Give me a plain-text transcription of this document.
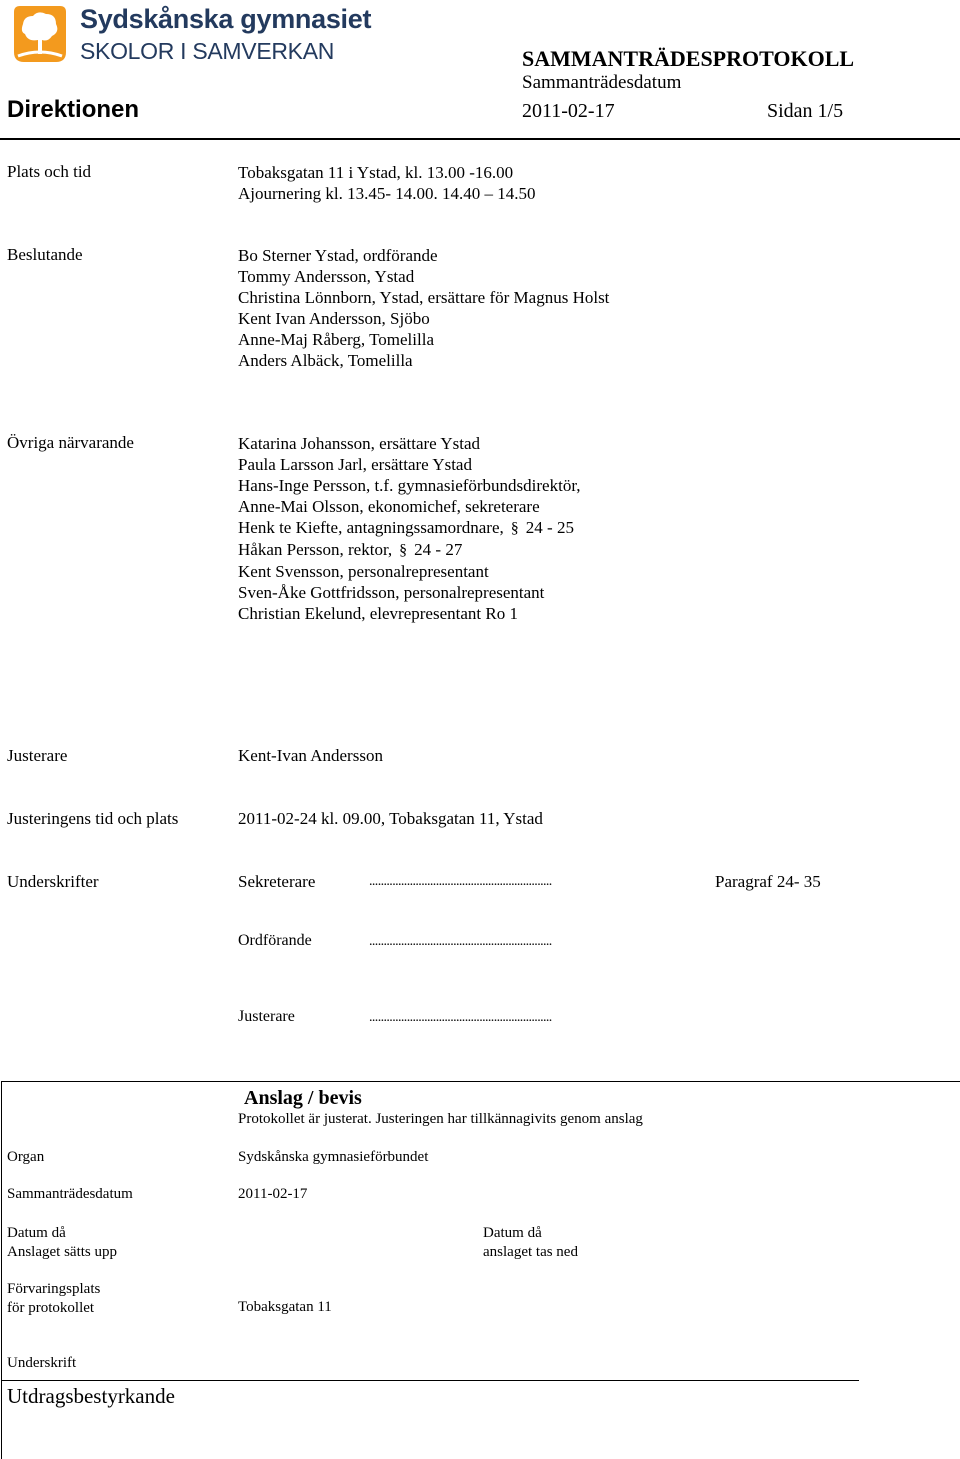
Sydskånska gymnasiet
SKOLOR I SAMVERKAN	SAMMANTRÄDESPROTOKOLL
Sammanträdesdatum
Direktionen	2011-02-17	Sidan 1/5
Plats och tid	Tobaksgatan 11 i Ystad, kl. 13.00 -16.00
Ajournering kl. 13.45- 14.00. 14.40 – 14.50
Beslutande	Bo Sterner Ystad, ordförande
Tommy Andersson, Ystad
Christina Lönnborn, Ystad, ersättare för Magnus Holst
Kent Ivan Andersson, Sjöbo
Anne-Maj Råberg, Tomelilla
Anders Albäck, Tomelilla
Övriga närvarande	Katarina Johansson, ersättare Ystad
Paula Larsson Jarl, ersättare Ystad
Hans-Inge Persson, t.f. gymnasieförbundsdirektör,
Anne-Mai Olsson, ekonomichef, sekreterare
Henk te Kiefte, antagningssamordnare, § 24 - 25
Håkan Persson, rektor, § 24 - 27
Kent Svensson, personalrepresentant
Sven-Åke Gottfridsson, personalrepresentant
Christian Ekelund, elevrepresentant Ro 1
Justerare	Kent-Ivan Andersson
Justeringens tid och plats	2011-02-24 kl. 09.00, Tobaksgatan 11, Ystad
Underskrifter	Sekreterare	...............................................................	Paragraf 24- 35
Ordförande	...............................................................
Justerare	...............................................................
Anslag / bevis
Protokollet är justerat. Justeringen har tillkännagivits genom anslag
Organ	Sydskånska gymnasieförbundet
Sammanträdesdatum	2011-02-17
Datum då
Anslaget sätts upp
Datum då
anslaget tas ned
Förvaringsplats
för protokollet	Tobaksgatan 11
Underskrift
Utdragsbestyrkande
